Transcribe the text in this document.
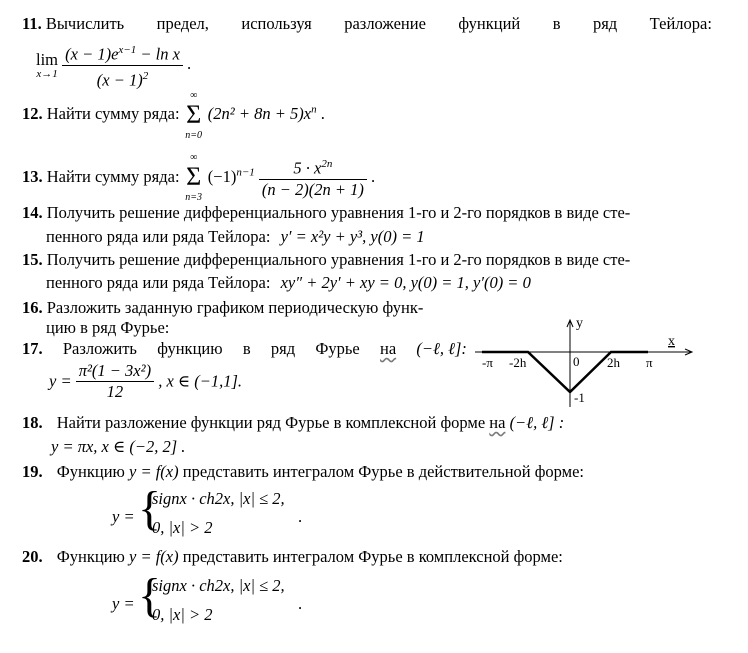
11. Вычислить предел, используя разложение функций в ряд Тейлора:
lim
x→1
$\frac{(x - 1)e^{x-1} - \ln x}{(x - 1)^2}$ .
12. Найти сумму ряда:
∞
Σ
n=0
$(2n^2 + 8n + 5)x^n$ .
13. Найти сумму ряда:
∞
Σ
n=3
$(-1)^{n-1} \frac{5 \cdot x^{2n}}{(n - 2)(2n + 1)}$ .
14. Получить решение дифференциального уравнения 1-го и 2-го порядков в виде сте-
пенного ряда или ряда Тейлора: y′ = x²y + y³, y(0) = 1
15. Получить решение дифференциального уравнения 1-го и 2-го порядков в виде сте-
пенного ряда или ряда Тейлора: xy″ + 2y′ + xy = 0, y(0) = 1, y′(0) = 0
16. Разложить заданную графиком периодическую функ-
цию в ряд Фурье:
17. Разложить функцию в ряд Фурье на (−ℓ, ℓ]:
$y = \frac{\text{π²(1 − 3x²)}}{12}$ , x ∈ (−1,1].
y
x
-π -2h	0 2h π
-1
18. Найти разложение функции ряд Фурье в комплексной форме на (−ℓ, ℓ] :
y = πx, x ∈ (−2, 2] .
19. Функцию y = f(x) представить интегралом Фурье в действительной форме:
y = {
signx · ch2x, |x| ≤ 2,
0, |x| > 2
.
20. Функцию y = f(x) представить интегралом Фурье в комплексной форме:
y = {
signx · ch2x, |x| ≤ 2,
0, |x| > 2
.
